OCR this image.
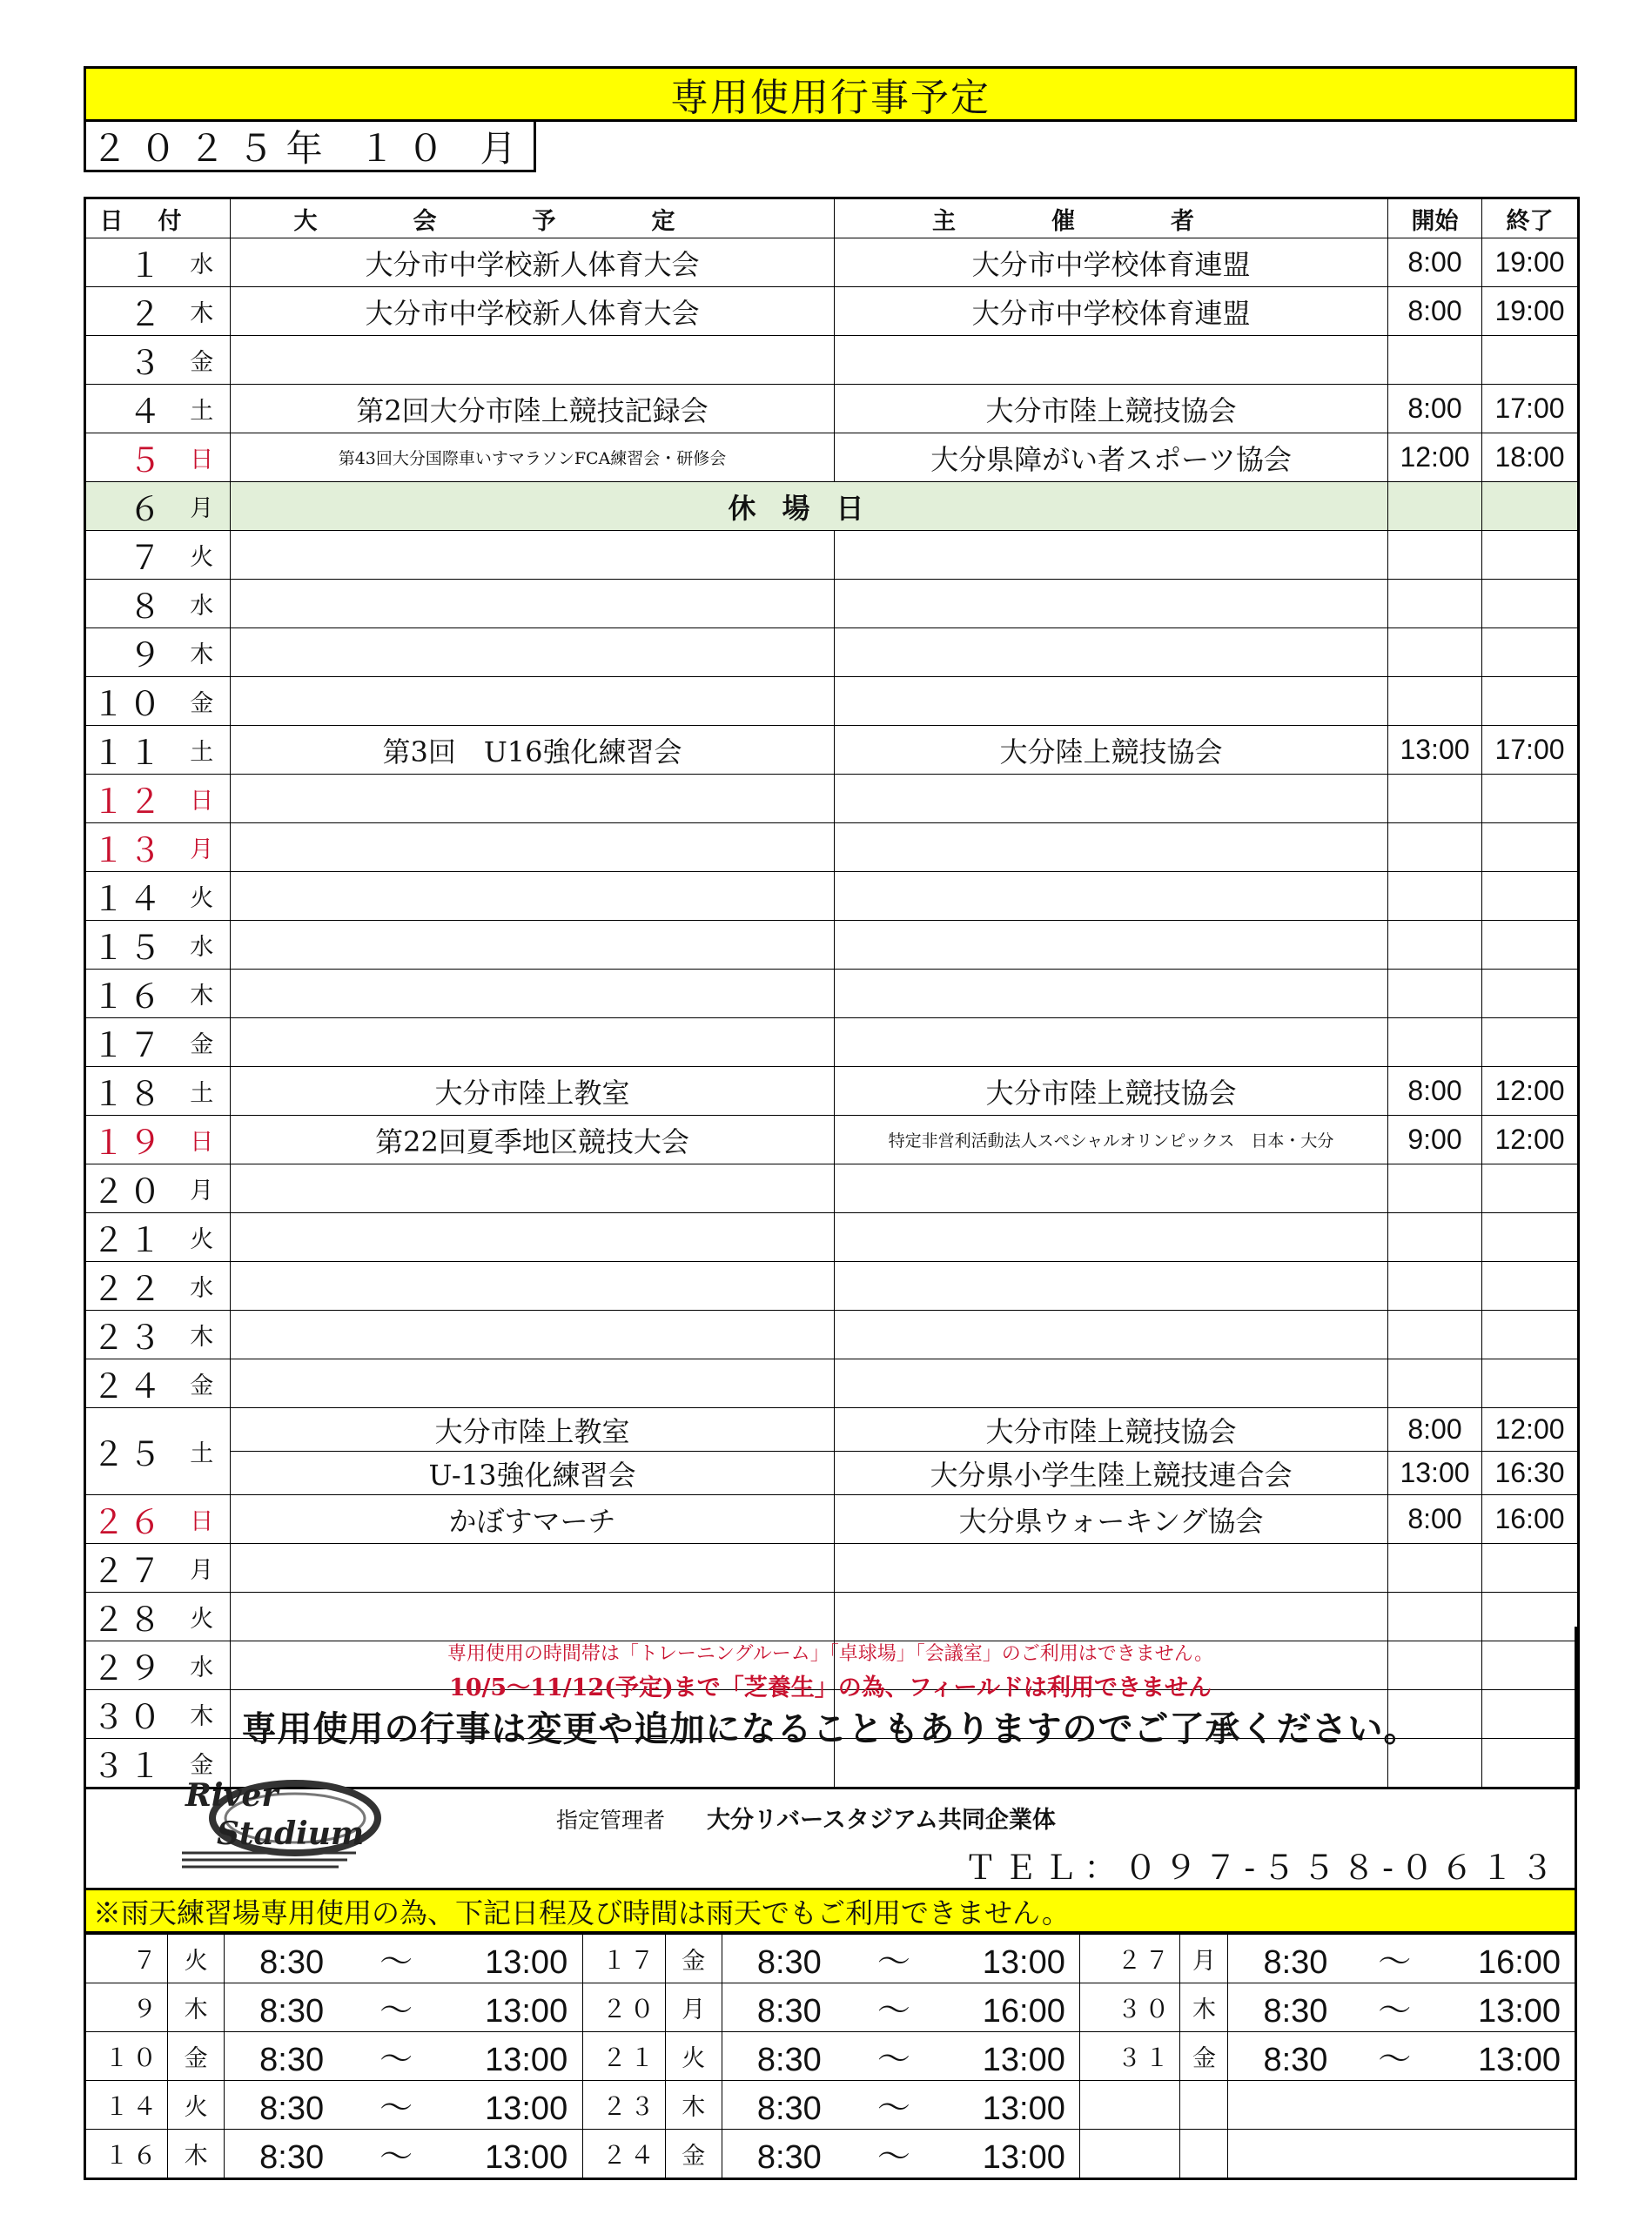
専用使用行事予定
２０２５年 １０ 月
日付		大会予定	主催者	開始	終了
１	水	大分市中学校新人体育大会	大分市中学校体育連盟	8:00	19:00
２	木	大分市中学校新人体育大会	大分市中学校体育連盟	8:00	19:00
３	金				
４	土	第2回大分市陸上競技記録会	大分市陸上競技協会	8:00	17:00
５	日	第43回大分国際車いすマラソンFCA練習会・研修会	大分県障がい者スポーツ協会	12:00	18:00
６	月	休場日			
７	火				
８	水				
９	木				
１０	金				
１１	土	第3回　U16強化練習会	大分陸上競技協会	13:00	17:00
１２	日				
１３	月				
１４	火				
１５	水				
１６	木				
１７	金				
１８	土	大分市陸上教室	大分市陸上競技協会	8:00	12:00
１９	日	第22回夏季地区競技大会	特定非営利活動法人スペシャルオリンピックス　日本・大分	9:00	12:00
２０	月				
２１	火				
２２	水				
２３	木				
２４	金				
２５	土	大分市陸上教室	大分市陸上競技協会	8:00	12:00
		U-13強化練習会	大分県小学生陸上競技連合会	13:00	16:30
２６	日	かぼすマーチ	大分県ウォーキング協会	8:00	16:00
２７	月				
２８	火				
２９	水				
３０	木				
３１	金				
専用使用の時間帯は「トレーニングルーム」「卓球場」「会議室」のご利用はできません。
10/5～11/12(予定)まで「芝養生」の為、フィールドは利用できません
専用使用の行事は変更や追加になることもありますのでご了承ください。
River
Stadium	指定管理者 大分リバースタジアム共同企業体
ＴＥＬ：０９７-５５８-０６１３
※雨天練習場専用使用の為、下記日程及び時間は雨天でもご利用できません。
７	火	8:30 ～ 13:00	１７	金	8:30 ～ 13:00	２７	月	8:30 ～ 16:00
９	木	8:30 ～ 13:00	２０	月	8:30 ～ 16:00	３０	木	8:30 ～ 13:00
１０	金	8:30 ～ 13:00	２１	火	8:30 ～ 13:00	３１	金	8:30 ～ 13:00
１４	火	8:30 ～ 13:00	２３	木	8:30 ～ 13:00			
１６	木	8:30 ～ 13:00	２４	金	8:30 ～ 13:00			
